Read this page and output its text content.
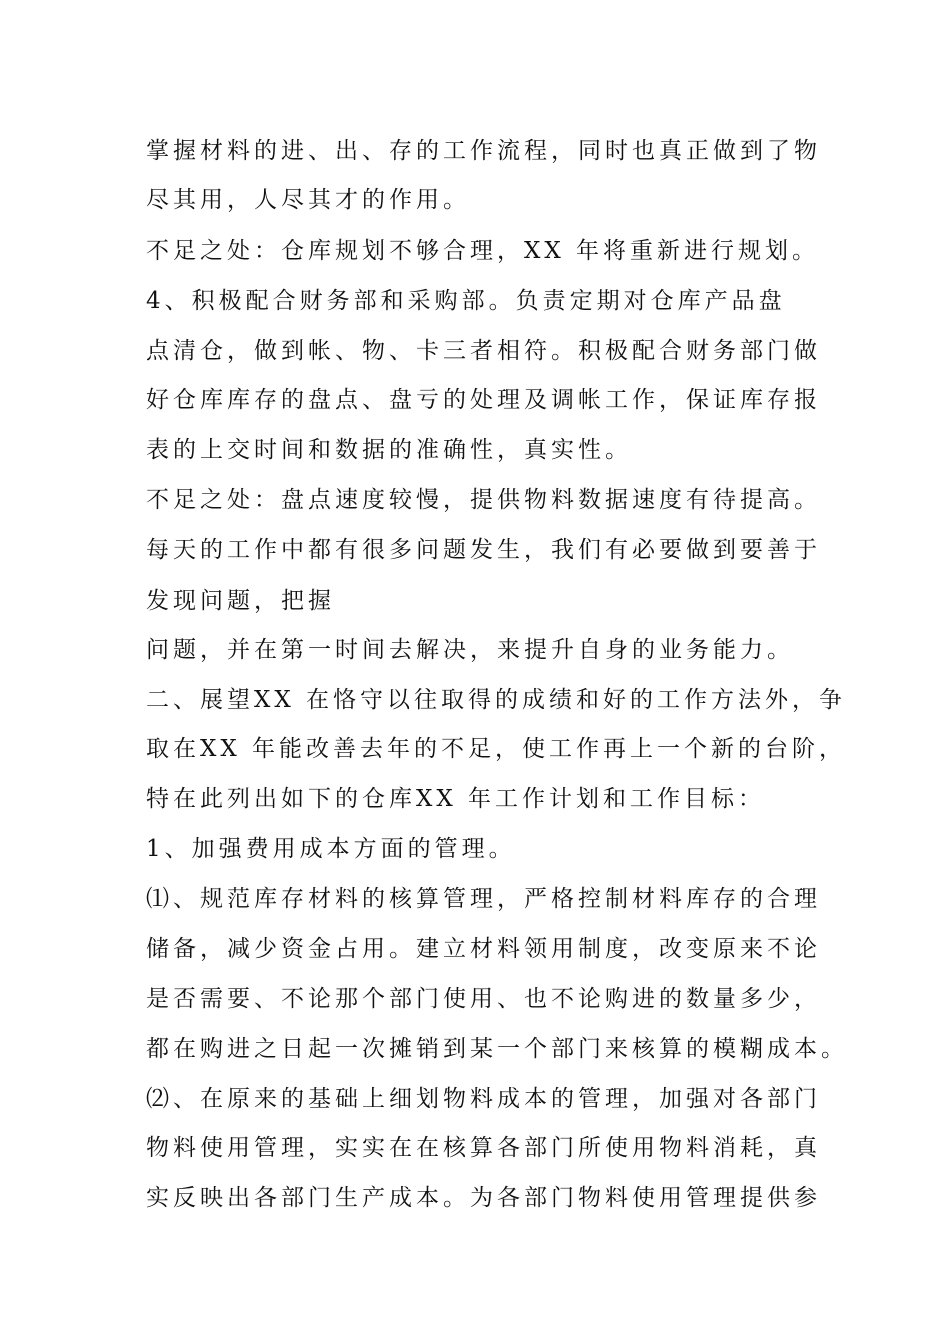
掌握材料的进、出、存的工作流程，同时也真正做到了物
尽其用，人尽其才的作用。
不足之处：仓库规划不够合理，XX 年将重新进行规划。
4、积极配合财务部和采购部。负责定期对仓库产品盘
点清仓，做到帐、物、卡三者相符。积极配合财务部门做
好仓库库存的盘点、盘亏的处理及调帐工作，保证库存报
表的上交时间和数据的准确性，真实性。
不足之处：盘点速度较慢，提供物料数据速度有待提高。
每天的工作中都有很多问题发生，我们有必要做到要善于
发现问题，把握
问题，并在第一时间去解决，来提升自身的业务能力。
二、展望XX 在恪守以往取得的成绩和好的工作方法外，争
取在XX 年能改善去年的不足，使工作再上一个新的台阶，
特在此列出如下的仓库XX 年工作计划和工作目标：
1、加强费用成本方面的管理。
⑴、规范库存材料的核算管理，严格控制材料库存的合理
储备，减少资金占用。建立材料领用制度，改变原来不论
是否需要、不论那个部门使用、也不论购进的数量多少，
都在购进之日起一次摊销到某一个部门来核算的模糊成本。
⑵、在原来的基础上细划物料成本的管理，加强对各部门
物料使用管理，实实在在核算各部门所使用物料消耗，真
实反映出各部门生产成本。为各部门物料使用管理提供参
